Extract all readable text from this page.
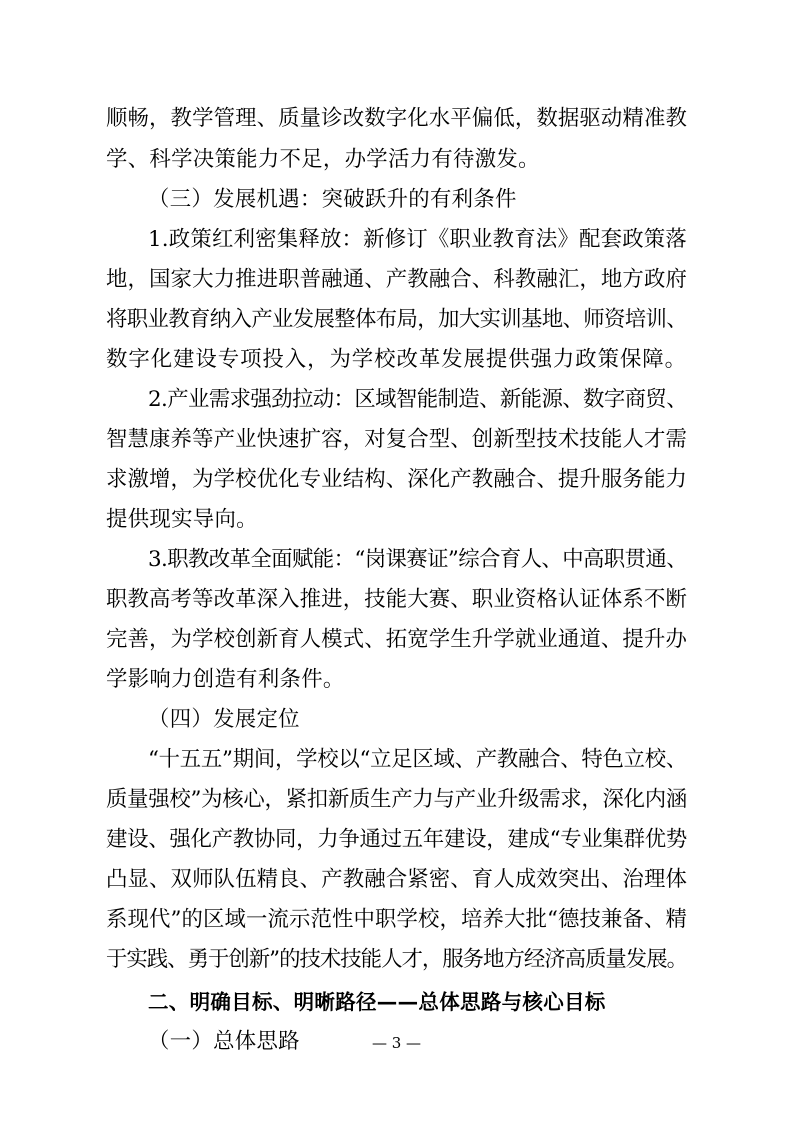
顺畅，教学管理、质量诊改数字化水平偏低，数据驱动精准教
学、科学决策能力不足，办学活力有待激发。
（三）发展机遇：突破跃升的有利条件
1.政策红利密集释放：新修订《职业教育法》配套政策落
地，国家大力推进职普融通、产教融合、科教融汇，地方政府
将职业教育纳入产业发展整体布局，加大实训基地、师资培训、
数字化建设专项投入，为学校改革发展提供强力政策保障。
2.产业需求强劲拉动：区域智能制造、新能源、数字商贸、
智慧康养等产业快速扩容，对复合型、创新型技术技能人才需
求激增，为学校优化专业结构、深化产教融合、提升服务能力
提供现实导向。
3.职教改革全面赋能：“岗课赛证”综合育人、中高职贯通、
职教高考等改革深入推进，技能大赛、职业资格认证体系不断
完善，为学校创新育人模式、拓宽学生升学就业通道、提升办
学影响力创造有利条件。
（四）发展定位
“十五五”期间，学校以“立足区域、产教融合、特色立校、
质量强校”为核心，紧扣新质生产力与产业升级需求，深化内涵
建设、强化产教协同，力争通过五年建设，建成“专业集群优势
凸显、双师队伍精良、产教融合紧密、育人成效突出、治理体
系现代”的区域一流示范性中职学校，培养大批“德技兼备、精
于实践、勇于创新”的技术技能人才，服务地方经济高质量发展。
二、明确目标、明晰路径——总体思路与核心目标
（一）总体思路	— 3 —
